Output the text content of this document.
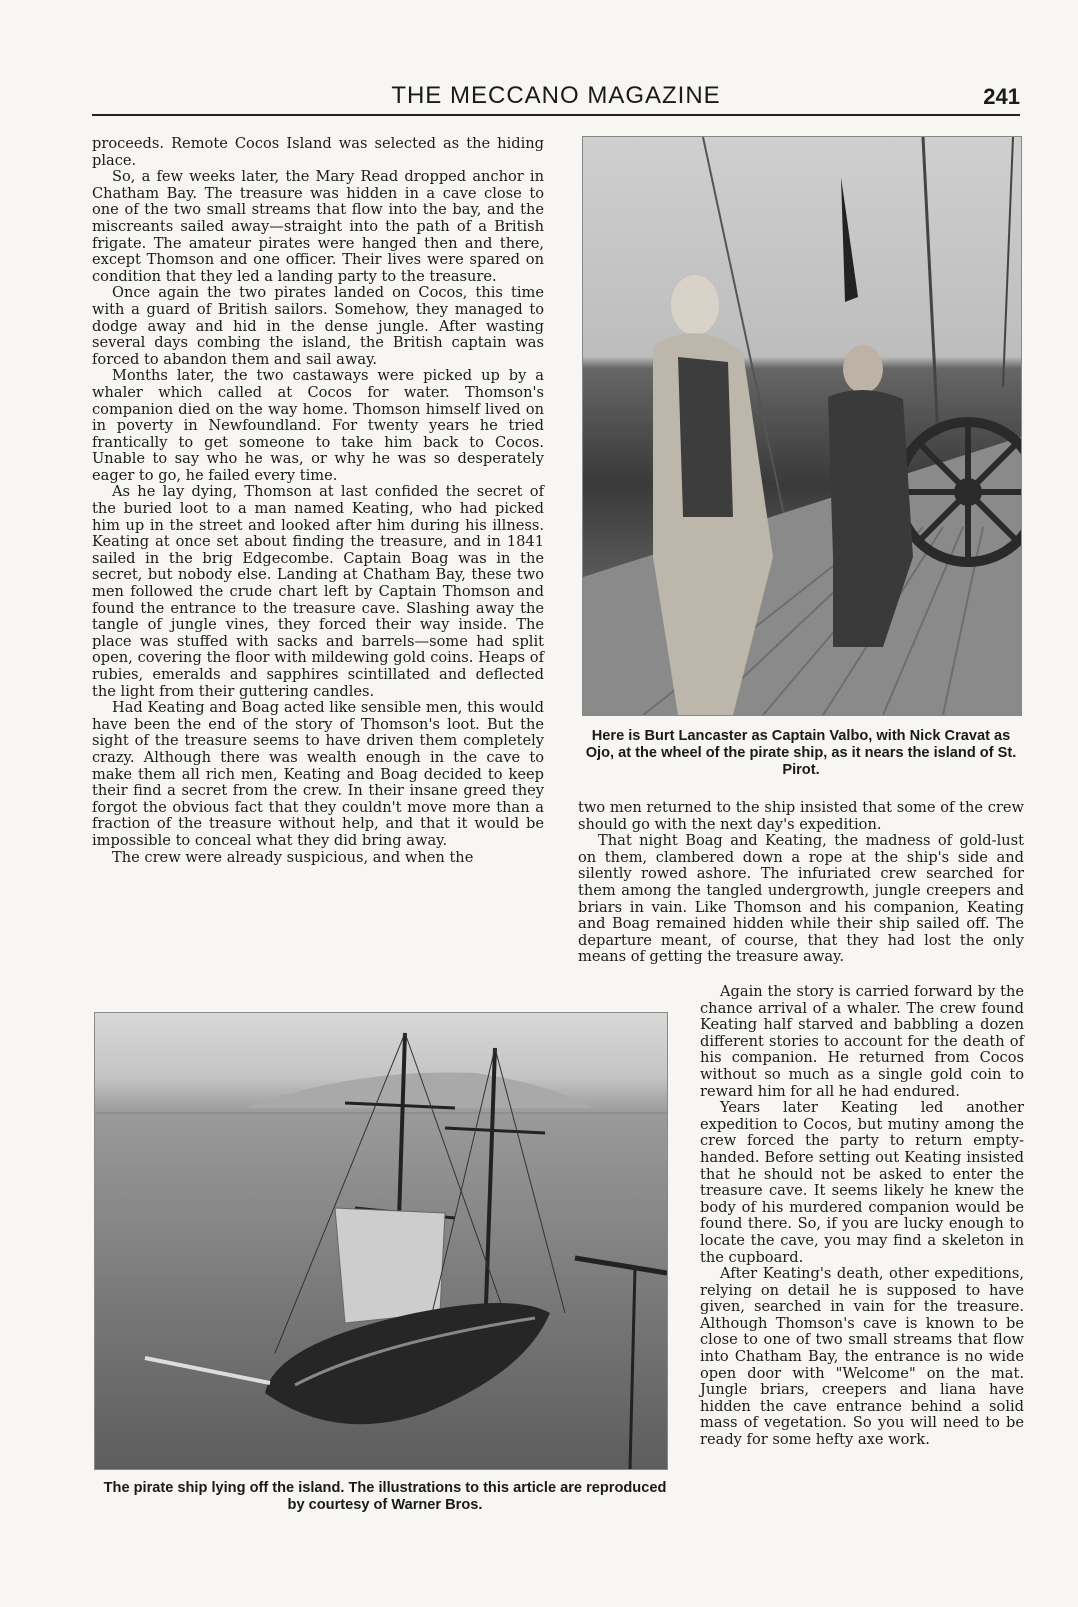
THE MECCANO MAGAZINE	241

proceeds. Remote Cocos Island was selected as the hiding place.

So, a few weeks later, the Mary Read dropped anchor in Chatham Bay. The treasure was hidden in a cave close to one of the two small streams that flow into the bay, and the miscreants sailed away—straight into the path of a British frigate. The amateur pirates were hanged then and there, except Thomson and one officer. Their lives were spared on condition that they led a landing party to the treasure.

Once again the two pirates landed on Cocos, this time with a guard of British sailors. Somehow, they managed to dodge away and hid in the dense jungle. After wasting several days combing the island, the British captain was forced to abandon them and sail away.

Months later, the two castaways were picked up by a whaler which called at Cocos for water. Thomson's companion died on the way home. Thomson himself lived on in poverty in Newfoundland. For twenty years he tried frantically to get someone to take him back to Cocos. Unable to say who he was, or why he was so desperately eager to go, he failed every time.

As he lay dying, Thomson at last confided the secret of the buried loot to a man named Keating, who had picked him up in the street and looked after him during his illness. Keating at once set about finding the treasure, and in 1841 sailed in the brig Edgecombe. Captain Boag was in the secret, but nobody else. Landing at Chatham Bay, these two men followed the crude chart left by Captain Thomson and found the entrance to the treasure cave. Slashing away the tangle of jungle vines, they forced their way inside. The place was stuffed with sacks and barrels—some had split open, covering the floor with mildewing gold coins. Heaps of rubies, emeralds and sapphires scintillated and deflected the light from their guttering candles.

Had Keating and Boag acted like sensible men, this would have been the end of the story of Thomson's loot. But the sight of the treasure seems to have driven them completely crazy. Although there was wealth enough in the cave to make them all rich men, Keating and Boag decided to keep their find a secret from the crew. In their insane greed they forgot the obvious fact that they couldn't move more than a fraction of the treasure without help, and that it would be impossible to conceal what they did bring away.

The crew were already suspicious, and when the

Here is Burt Lancaster as Captain Valbo, with Nick Cravat as Ojo, at the wheel of the pirate ship, as it nears the island of St. Pirot.

two men returned to the ship insisted that some of the crew should go with the next day's expedition.

That night Boag and Keating, the madness of gold-lust on them, clambered down a rope at the ship's side and silently rowed ashore. The infuriated crew searched for them among the tangled undergrowth, jungle creepers and briars in vain. Like Thomson and his companion, Keating and Boag remained hidden while their ship sailed off. The departure meant, of course, that they had lost the only means of getting the treasure away.

The pirate ship lying off the island. The illustrations to this article are reproduced by courtesy of Warner Bros.

Again the story is carried forward by the chance arrival of a whaler. The crew found Keating half starved and babbling a dozen different stories to account for the death of his companion. He returned from Cocos without so much as a single gold coin to reward him for all he had endured.

Years later Keating led another expedition to Cocos, but mutiny among the crew forced the party to return empty-handed. Before setting out Keating insisted that he should not be asked to enter the treasure cave. It seems likely he knew the body of his murdered companion would be found there. So, if you are lucky enough to locate the cave, you may find a skeleton in the cupboard.

After Keating's death, other expeditions, relying on detail he is supposed to have given, searched in vain for the treasure. Although Thomson's cave is known to be close to one of two small streams that flow into Chatham Bay, the entrance is no wide open door with "Welcome" on the mat. Jungle briars, creepers and liana have hidden the cave entrance behind a solid mass of vegetation. So you will need to be ready for some hefty axe work.
